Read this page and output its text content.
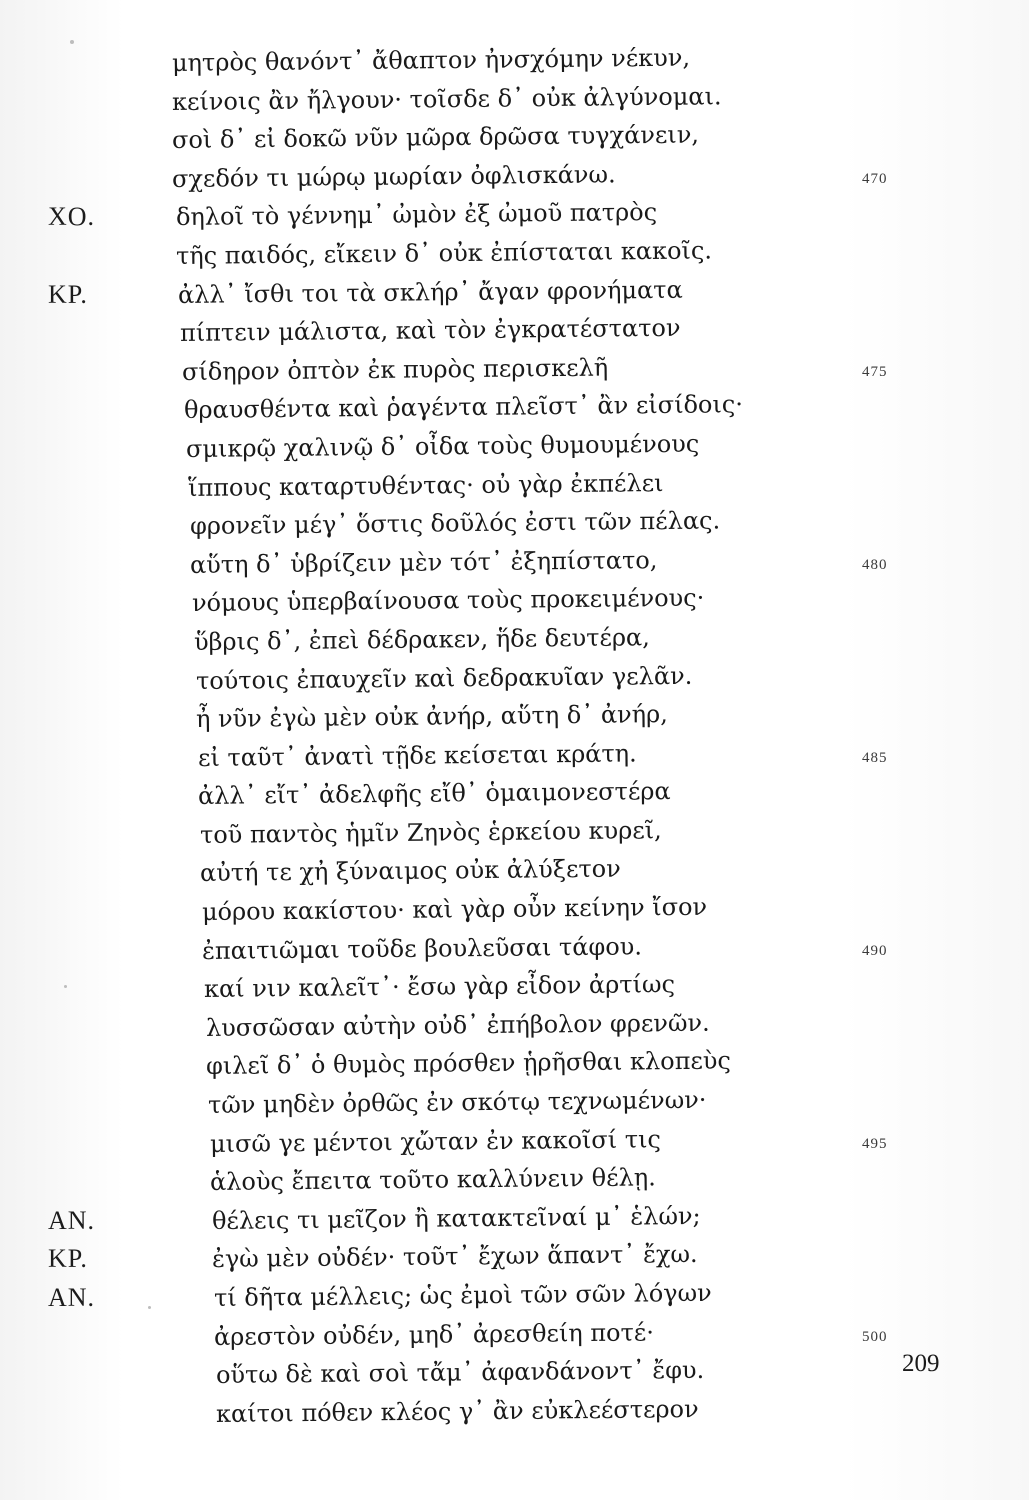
μητρὸς θανόντ᾽ ἄθαπτον ἠνσχόμην νέκυν,
κείνοις ἂν ἤλγουν· τοῖσδε δ᾽ οὐκ ἀλγύνομαι.
σοὶ δ᾽ εἰ δοκῶ νῦν μῶρα δρῶσα τυγχάνειν,
σχεδόν τι μώρῳ μωρίαν ὀφλισκάνω.	470
ΧΟ.	δηλοῖ τὸ γέννημ᾽ ὠμὸν ἐξ ὠμοῦ πατρὸς
τῆς παιδός, εἴκειν δ᾽ οὐκ ἐπίσταται κακοῖς.
ΚΡ.	ἀλλ᾽ ἴσθι τοι τὰ σκλήρ᾽ ἄγαν φρονήματα
πίπτειν μάλιστα, καὶ τὸν ἐγκρατέστατον
σίδηρον ὀπτὸν ἐκ πυρὸς περισκελῆ	475
θραυσθέντα καὶ ῥαγέντα πλεῖστ᾽ ἂν εἰσίδοις·
σμικρῷ χαλινῷ δ᾽ οἶδα τοὺς θυμουμένους
ἵππους καταρτυθέντας· οὐ γὰρ ἐκπέλει
φρονεῖν μέγ᾽ ὅστις δοῦλός ἐστι τῶν πέλας.
αὕτη δ᾽ ὑβρίζειν μὲν τότ᾽ ἐξηπίστατο,	480
νόμους ὑπερβαίνουσα τοὺς προκειμένους·
ὕβρις δ᾽, ἐπεὶ δέδρακεν, ἥδε δευτέρα,
τούτοις ἐπαυχεῖν καὶ δεδρακυῖαν γελᾶν.
ἦ νῦν ἐγὼ μὲν οὐκ ἀνήρ, αὕτη δ᾽ ἀνήρ,
εἰ ταῦτ᾽ ἀνατὶ τῇδε κείσεται κράτη.	485
ἀλλ᾽ εἴτ᾽ ἀδελφῆς εἴθ᾽ ὁμαιμονεστέρα
τοῦ παντὸς ἡμῖν Ζηνὸς ἑρκείου κυρεῖ,
αὐτή τε χἠ ξύναιμος οὐκ ἀλύξετον
μόρου κακίστου· καὶ γὰρ οὖν κείνην ἴσον
ἐπαιτιῶμαι τοῦδε βουλεῦσαι τάφου.	490
καί νιν καλεῖτ᾽· ἔσω γὰρ εἶδον ἀρτίως
λυσσῶσαν αὐτὴν οὐδ᾽ ἐπήβολον φρενῶν.
φιλεῖ δ᾽ ὁ θυμὸς πρόσθεν ᾑρῆσθαι κλοπεὺς
τῶν μηδὲν ὀρθῶς ἐν σκότῳ τεχνωμένων·
μισῶ γε μέντοι χὤταν ἐν κακοῖσί τις	495
ἁλοὺς ἔπειτα τοῦτο καλλύνειν θέλῃ.
ΑΝ.	θέλεις τι μεῖζον ἢ κατακτεῖναί μ᾽ ἑλών;
ΚΡ.	ἐγὼ μὲν οὐδέν· τοῦτ᾽ ἔχων ἅπαντ᾽ ἔχω.
ΑΝ.	τί δῆτα μέλλεις; ὡς ἐμοὶ τῶν σῶν λόγων
ἀρεστὸν οὐδέν, μηδ᾽ ἀρεσθείη ποτέ·	500
οὕτω δὲ καὶ σοὶ τἄμ᾽ ἀφανδάνοντ᾽ ἔφυ.
καίτοι πόθεν κλέος γ᾽ ἂν εὐκλεέστερον
209
